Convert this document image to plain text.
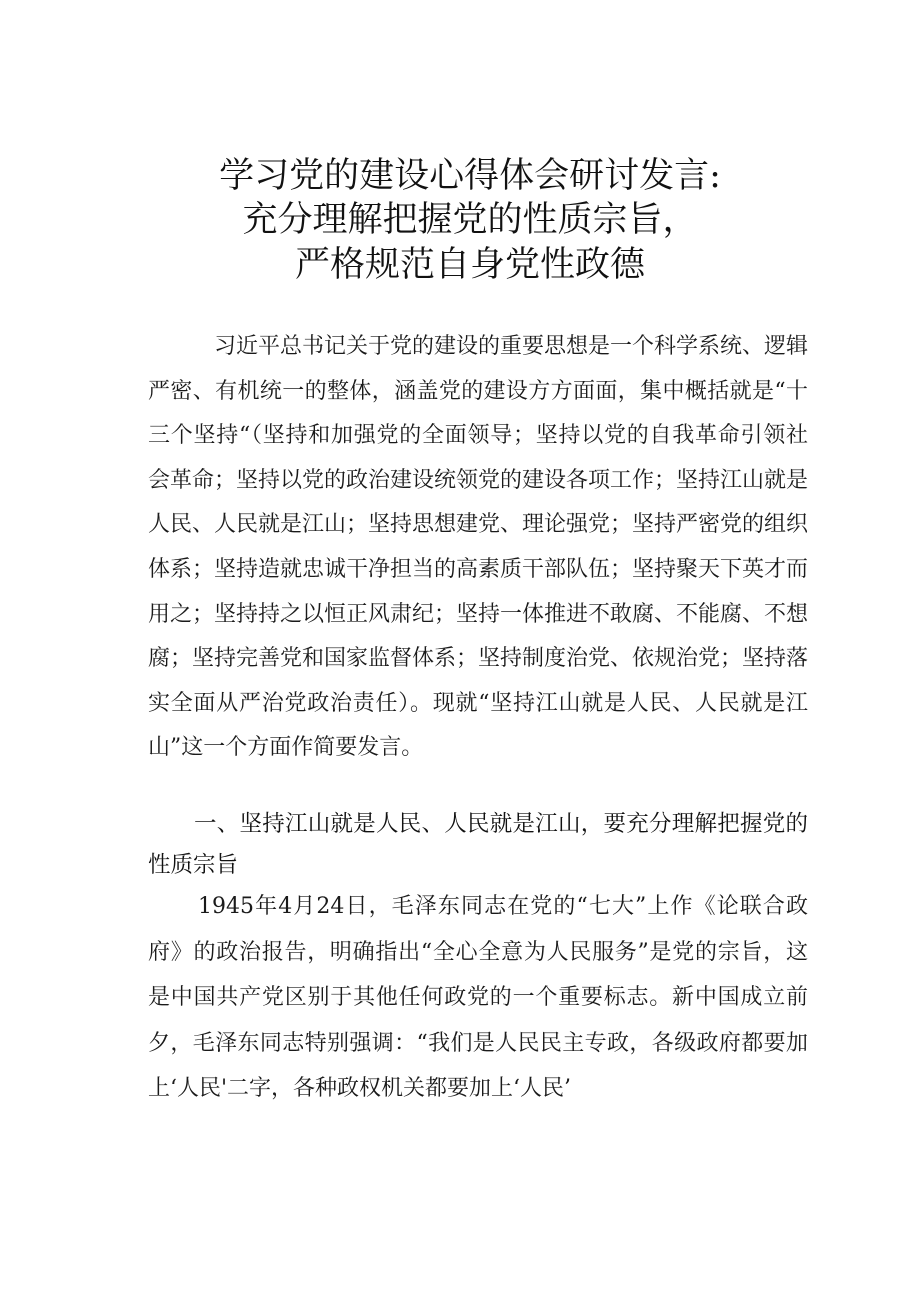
学习党的建设心得体会研讨发言:
充分理解把握党的性质宗旨，
严格规范自身党性政德
习近平总书记关于党的建设的重要思想是一个科学系统、逻辑严密、有机统一的整体，涵盖党的建设方方面面，集中概括就是“十三个坚持“（坚持和加强党的全面领导；坚持以党的自我革命引领社会革命；坚持以党的政治建设统领党的建设各项工作；坚持江山就是人民、人民就是江山；坚持思想建党、理论强党；坚持严密党的组织体系；坚持造就忠诚干净担当的高素质干部队伍；坚持聚天下英才而用之；坚持持之以恒正风肃纪；坚持一体推进不敢腐、不能腐、不想腐；坚持完善党和国家监督体系；坚持制度治党、依规治党；坚持落实全面从严治党政治责任）。现就“坚持江山就是人民、人民就是江山”这一个方面作简要发言。
一、坚持江山就是人民、人民就是江山，要充分理解把握党的性质宗旨
1945年4月24日，毛泽东同志在党的“七大”上作《论联合政府》的政治报告，明确指出“全心全意为人民服务”是党的宗旨，这是中国共产党区别于其他任何政党的一个重要标志。新中国成立前夕，毛泽东同志特别强调：“我们是人民民主专政，各级政府都要加上‘人民'二字，各种政权机关都要加上‘人民’
